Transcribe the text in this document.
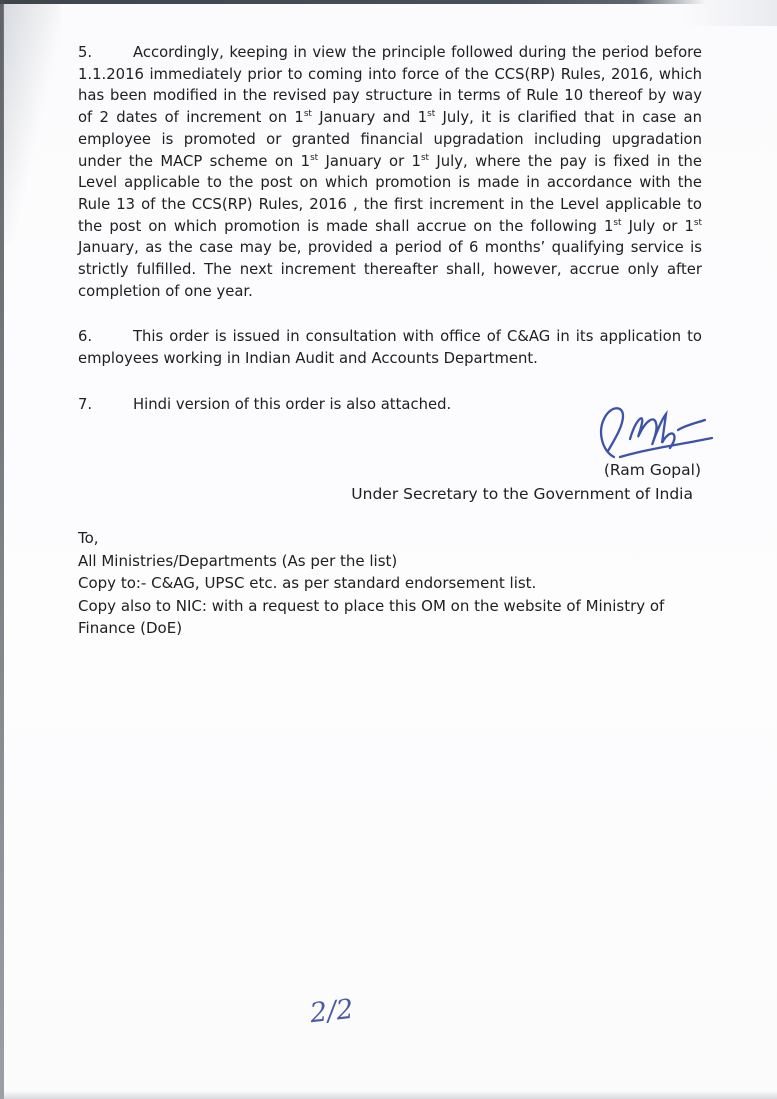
5.	Accordingly, keeping in view the principle followed during the period before 1.1.2016 immediately prior to coming into force of the CCS(RP) Rules, 2016, which has been modified in the revised pay structure in terms of Rule 10 thereof by way of 2 dates of increment on 1st January and 1st July, it is clarified that in case an employee is promoted or granted financial upgradation including upgradation under the MACP scheme on 1st January or 1st July, where the pay is fixed in the Level applicable to the post on which promotion is made in accordance with the Rule 13 of the CCS(RP) Rules, 2016 , the first increment in the Level applicable to the post on which promotion is made shall accrue on the following 1st July or 1st January, as the case may be, provided a period of 6 months’ qualifying service is strictly fulfilled. The next increment thereafter shall, however, accrue only after completion of one year.

6.	This order is issued in consultation with office of C&AG in its application to employees working in Indian Audit and Accounts Department.

7.	Hindi version of this order is also attached.

(Ram Gopal)
Under Secretary to the Government of India
To,
All Ministries/Departments (As per the list)
Copy to:- C&AG, UPSC etc. as per standard endorsement list.
Copy also to NIC: with a request to place this OM on the website of Ministry of Finance (DoE)
2/2
